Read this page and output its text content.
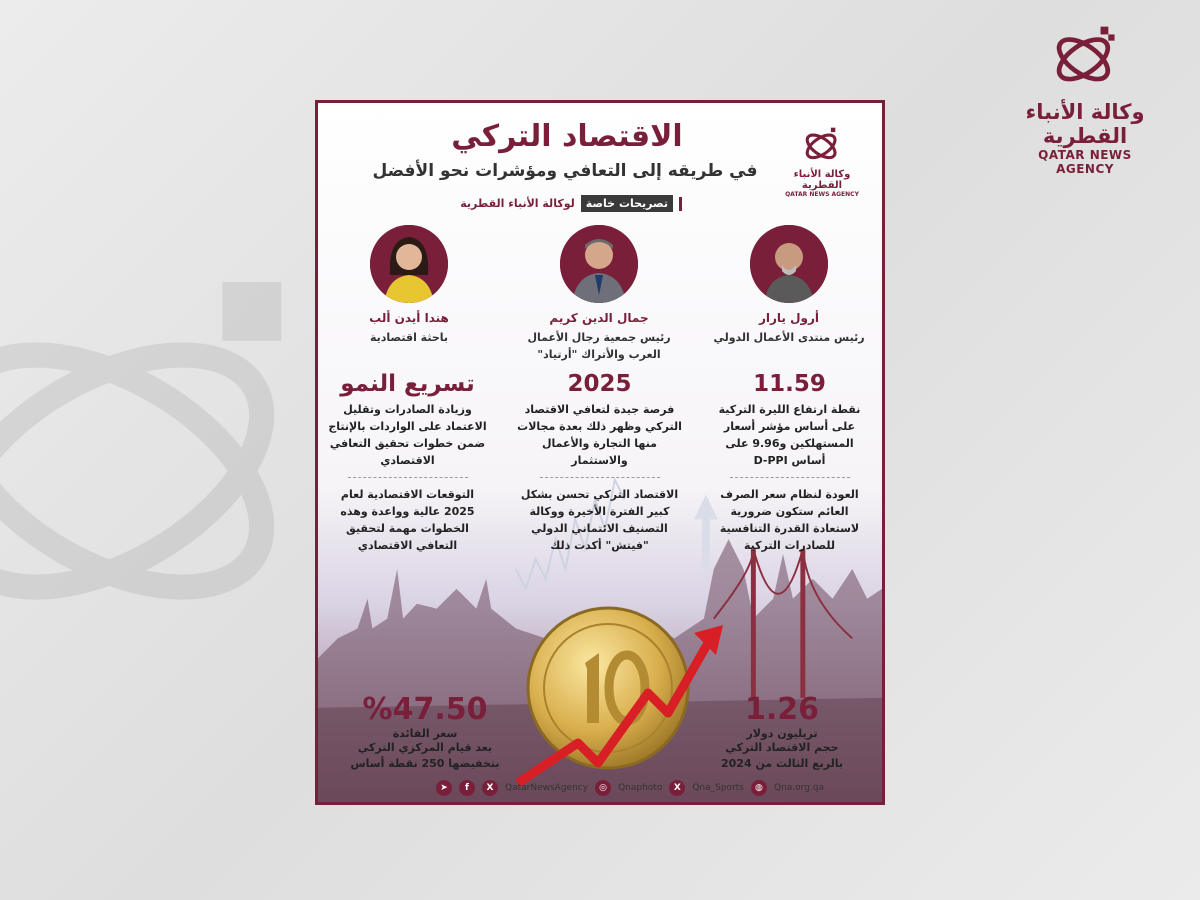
وكالة الأنباء القطرية
QATAR NEWS AGENCY
وكالة الأنباء القطرية
QATAR NEWS AGENCY
الاقتصاد التركي
في طريقه إلى التعافي ومؤشرات نحو الأفضل
تصريحات خاصة
لوكالة الأنباء القطرية
أرول يارار
رئيس منتدى الأعمال الدولي
جمال الدين كريم
رئيس جمعية رجال الأعمال العرب والأتراك "أرتياد"
هندا أيدن ألب
باحثة اقتصادية
11.59
نقطة ارتفاع الليرة التركية على أساس مؤشر أسعار المستهلكين و9.96 على أساس D-PPI
العودة لنظام سعر الصرف العائم ستكون ضرورية لاستعادة القدرة التنافسية للصادرات التركية
2025
فرصة جيدة لتعافي الاقتصاد التركي وظهر ذلك بعدة مجالات منها التجارة والأعمال والاستثمار
الاقتصاد التركي تحسن بشكل كبير الفترة الأخيرة ووكالة التصنيف الائتماني الدولي "فيتش" أكدت ذلك
تسريع النمو
وزيادة الصادرات وتقليل الاعتماد على الواردات بالإنتاج ضمن خطوات تحقيق التعافي الاقتصادي
التوقعات الاقتصادية لعام 2025 عالية وواعدة وهذه الخطوات مهمة لتحقيق التعافي الاقتصادي
%47.50
سعر الفائدة
بعد قيام المركزي التركي بتخفيضها 250 نقطة أساس
1.26
تريليون دولار
حجم الاقتصاد التركي بالربع الثالث من 2024
➤	f	X	QatarNewsAgency	◎	Qnaphoto	X	Qna_Sports	◍	Qna.org.qa
